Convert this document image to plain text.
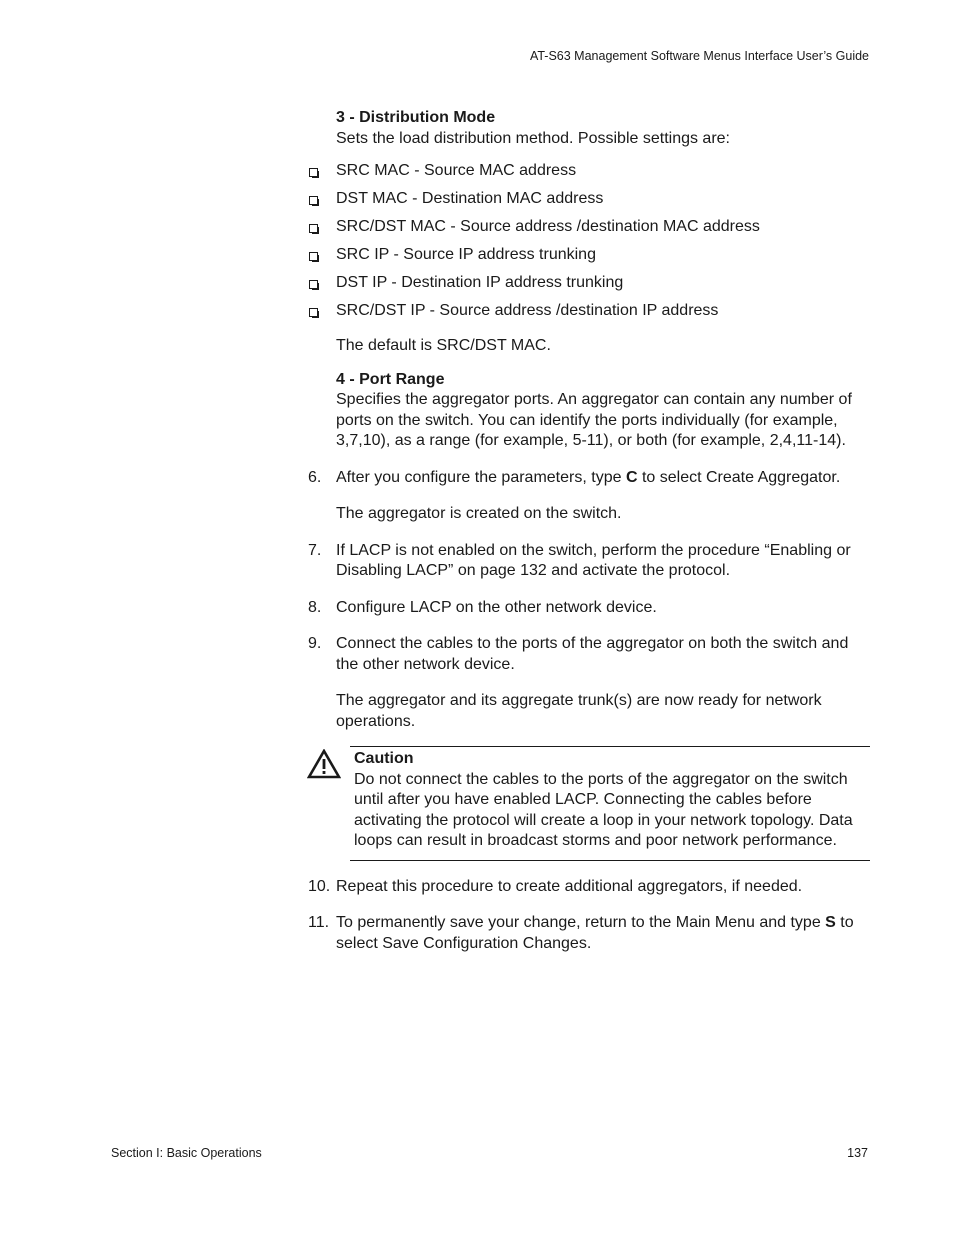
AT-S63 Management Software Menus Interface User’s Guide

3 - Distribution Mode

Sets the load distribution method. Possible settings are:

SRC MAC - Source MAC address
DST MAC - Destination MAC address
SRC/DST MAC - Source address /destination MAC address
SRC IP - Source IP address trunking
DST IP - Destination IP address trunking
SRC/DST IP - Source address /destination IP address

The default is SRC/DST MAC.

4 - Port Range

Specifies the aggregator ports. An aggregator can contain any number of ports on the switch. You can identify the ports individually (for example, 3,7,10), as a range (for example, 5-11), or both (for example, 2,4,11-14).

6. After you configure the parameters, type C to select Create Aggregator.

The aggregator is created on the switch.

7. If LACP is not enabled on the switch, perform the procedure “Enabling or Disabling LACP” on page 132 and activate the protocol.

8. Configure LACP on the other network device.

9. Connect the cables to the ports of the aggregator on both the switch and the other network device.

The aggregator and its aggregate trunk(s) are now ready for network operations.

Caution

Do not connect the cables to the ports of the aggregator on the switch until after you have enabled LACP. Connecting the cables before activating the protocol will create a loop in your network topology. Data loops can result in broadcast storms and poor network performance.

10. Repeat this procedure to create additional aggregators, if needed.

11. To permanently save your change, return to the Main Menu and type S to select Save Configuration Changes.

Section I: Basic Operations	137
